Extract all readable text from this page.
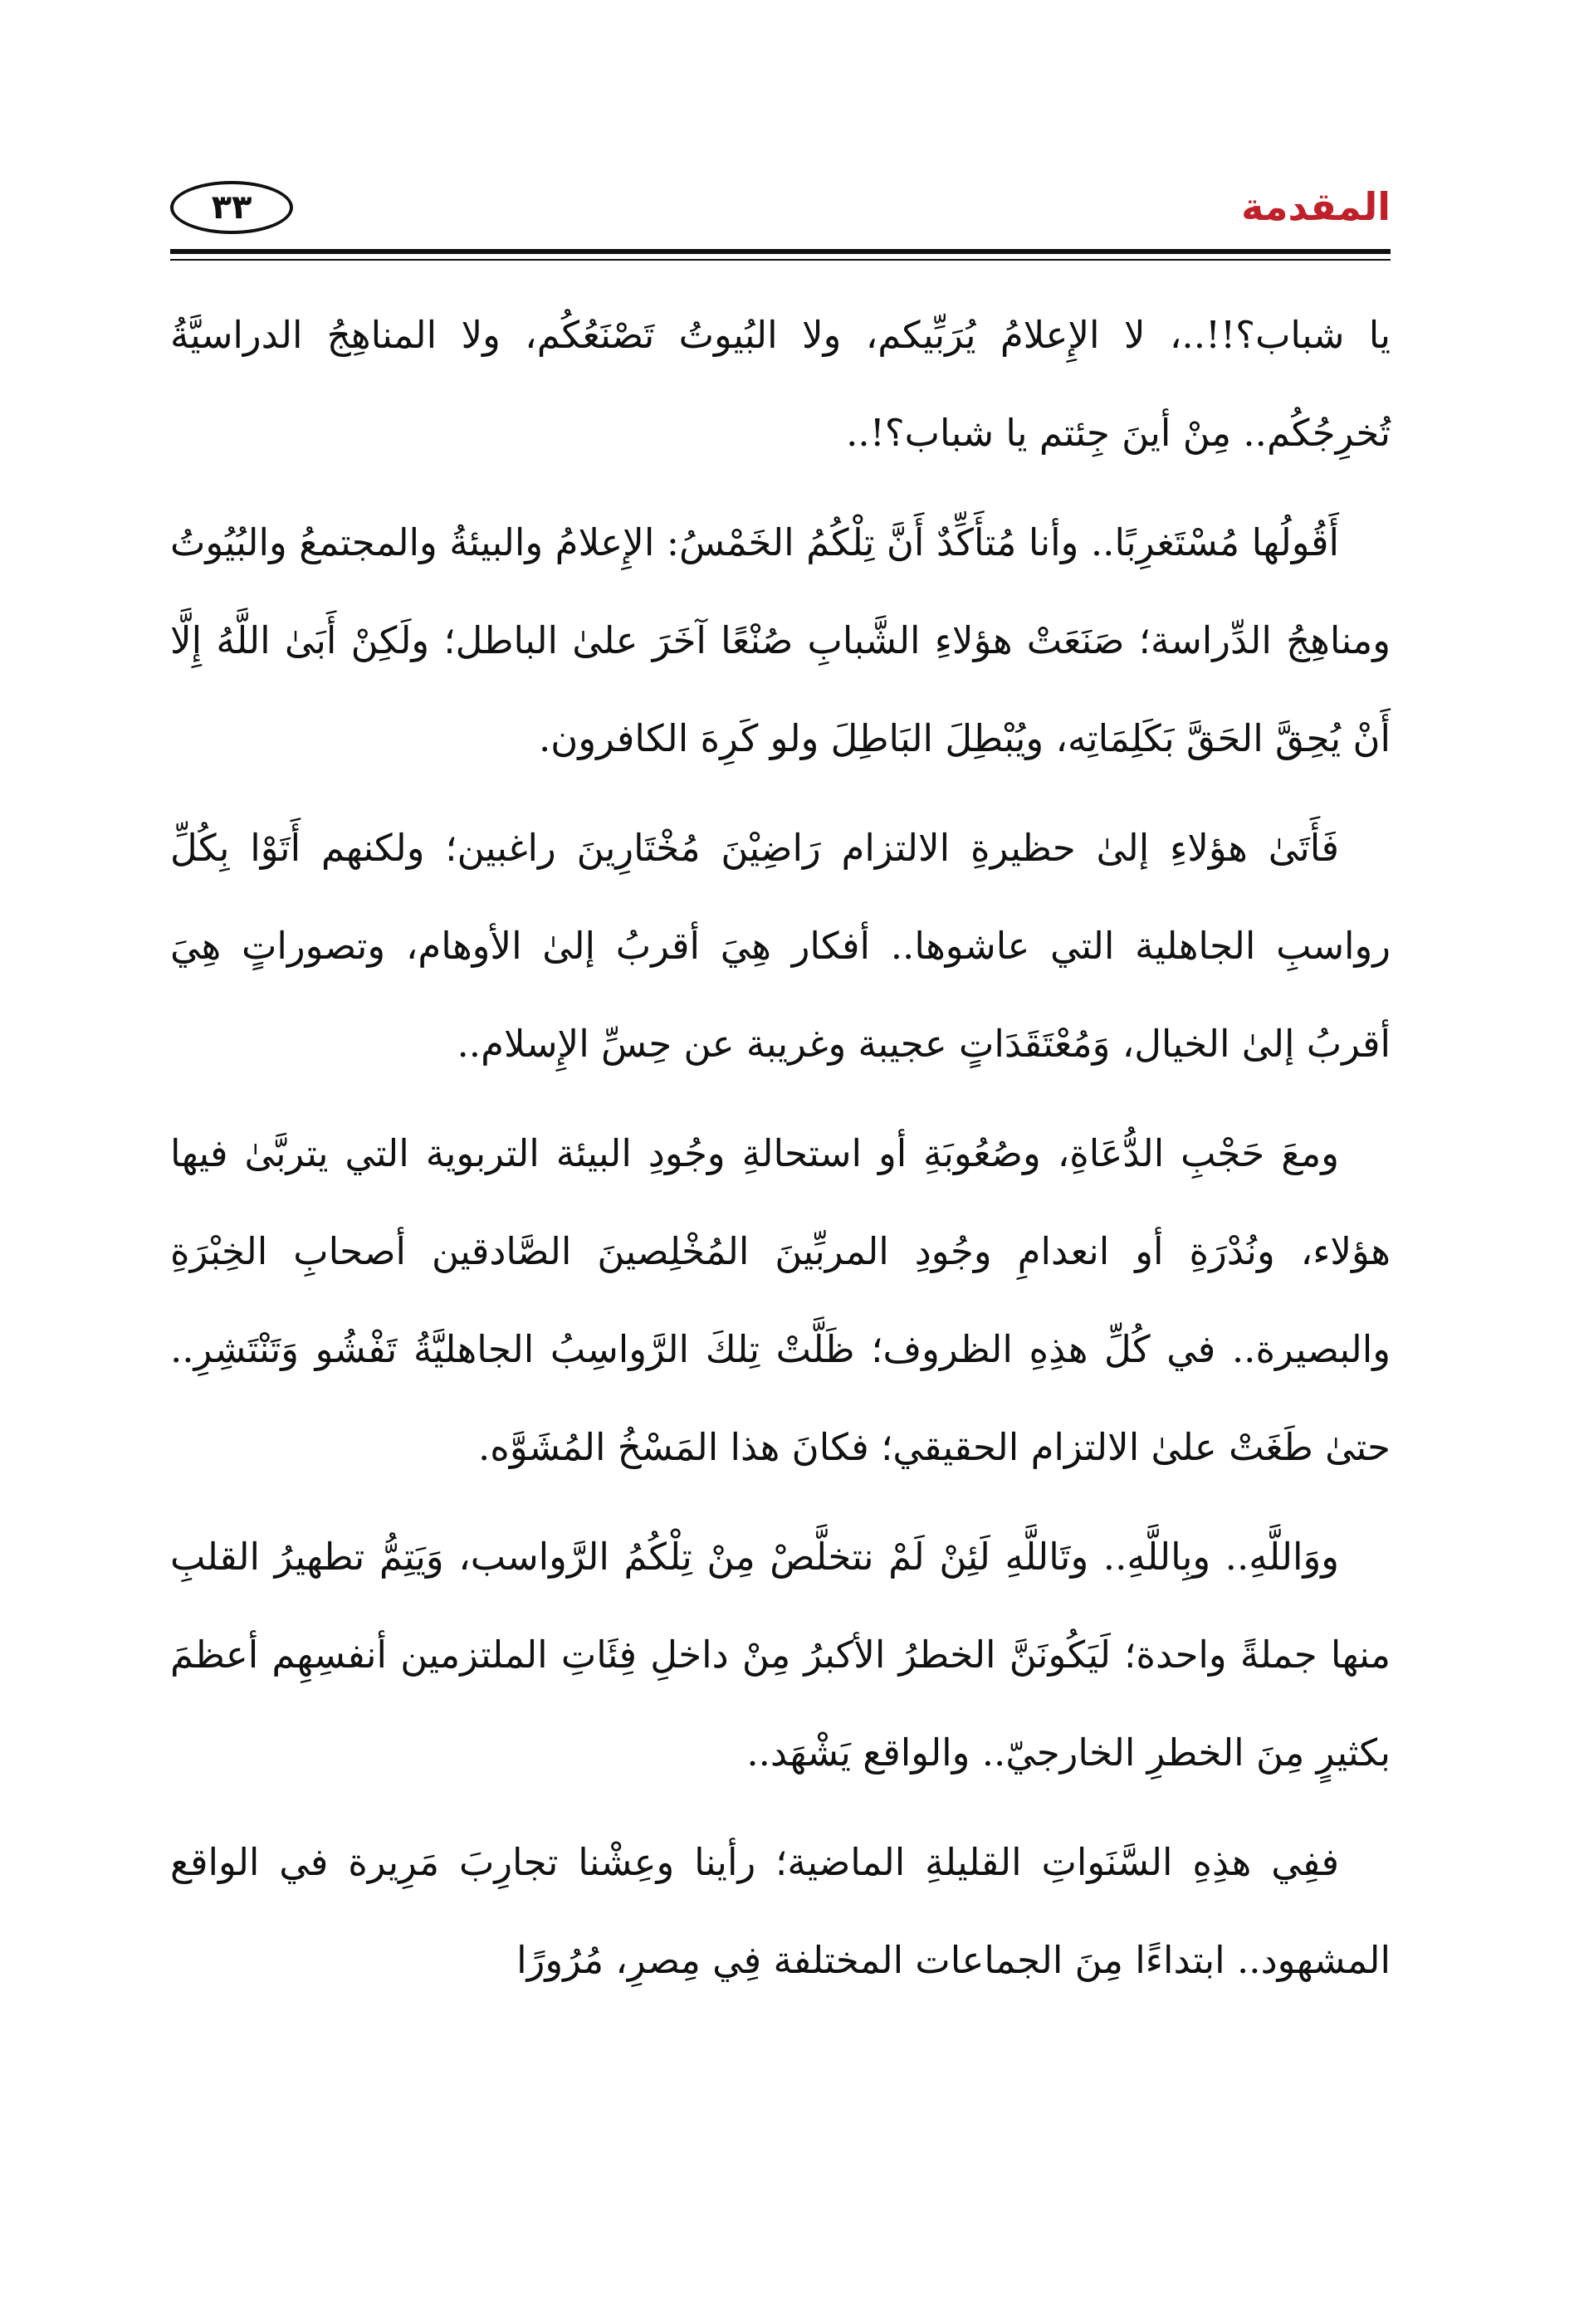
المقدمة
٣٣

يا شباب؟!!..، لا الإِعلامُ يُرَبِّيكم، ولا البُيوتُ تَصْنَعُكُم، ولا المناهِجُ الدراسيَّةُ تُخرِجُكُم.. مِنْ أينَ جِئتم يا شباب؟!..

أَقُولُها مُسْتَغرِبًا.. وأنا مُتأَكِّدٌ أَنَّ تِلْكُمُ الخَمْسُ: الإِعلامُ والبيئةُ والمجتمعُ والبُيُوتُ ومناهِجُ الدِّراسة؛ صَنَعَتْ هؤلاءِ الشَّبابِ صُنْعًا آخَرَ علىٰ الباطل؛ ولَكِنْ أَبَىٰ اللَّهُ إِلَّا أَنْ يُحِقَّ الحَقَّ بَكَلِمَاتِه، ويُبْطِلَ البَاطِلَ ولو كَرِهَ الكافرون.

فَأَتَىٰ هؤلاءِ إلىٰ حظيرةِ الالتزام رَاضِيْنَ مُخْتَارِينَ راغبين؛ ولكنهم أَتَوْا بِكُلِّ رواسبِ الجاهلية التي عاشوها.. أفكار هِيَ أقربُ إلىٰ الأوهام، وتصوراتٍ هِيَ أقربُ إلىٰ الخيال، وَمُعْتَقَدَاتٍ عجيبة وغريبة عن حِسِّ الإِسلام..

ومعَ حَجْبِ الدُّعَاةِ، وصُعُوبَةِ أو استحالةِ وجُودِ البيئة التربوية التي يتربَّىٰ فيها هؤلاء، ونُدْرَةِ أو انعدامِ وجُودِ المربِّينَ المُخْلِصينَ الصَّادقين أصحابِ الخِبْرَةِ والبصيرة.. في كُلِّ هذِهِ الظروف؛ ظَلَّتْ تِلكَ الرَّواسِبُ الجاهليَّةُ تَفْشُو وَتَنْتَشِرِ.. حتىٰ طَغَتْ علىٰ الالتزام الحقيقي؛ فكانَ هذا المَسْخُ المُشَوَّه.

ووَاللَّهِ.. وبِاللَّهِ.. وتَاللَّهِ لَئِنْ لَمْ نتخلَّصْ مِنْ تِلْكُمُ الرَّواسب، وَيَتِمُّ تطهيرُ القلبِ منها جملةً واحدة؛ لَيَكُونَنَّ الخطرُ الأكبرُ مِنْ داخلِ فِئَاتِ الملتزمين أنفسِهِم أعظمَ بكثيرٍ مِنَ الخطرِ الخارجيّ.. والواقع يَشْهَد..

ففِي هذِهِ السَّنَواتِ القليلةِ الماضية؛ رأينا وعِشْنا تجارِبَ مَرِيرة في الواقع المشهود.. ابتداءًا مِنَ الجماعات المختلفة فِي مِصرِ، مُرُورًا
